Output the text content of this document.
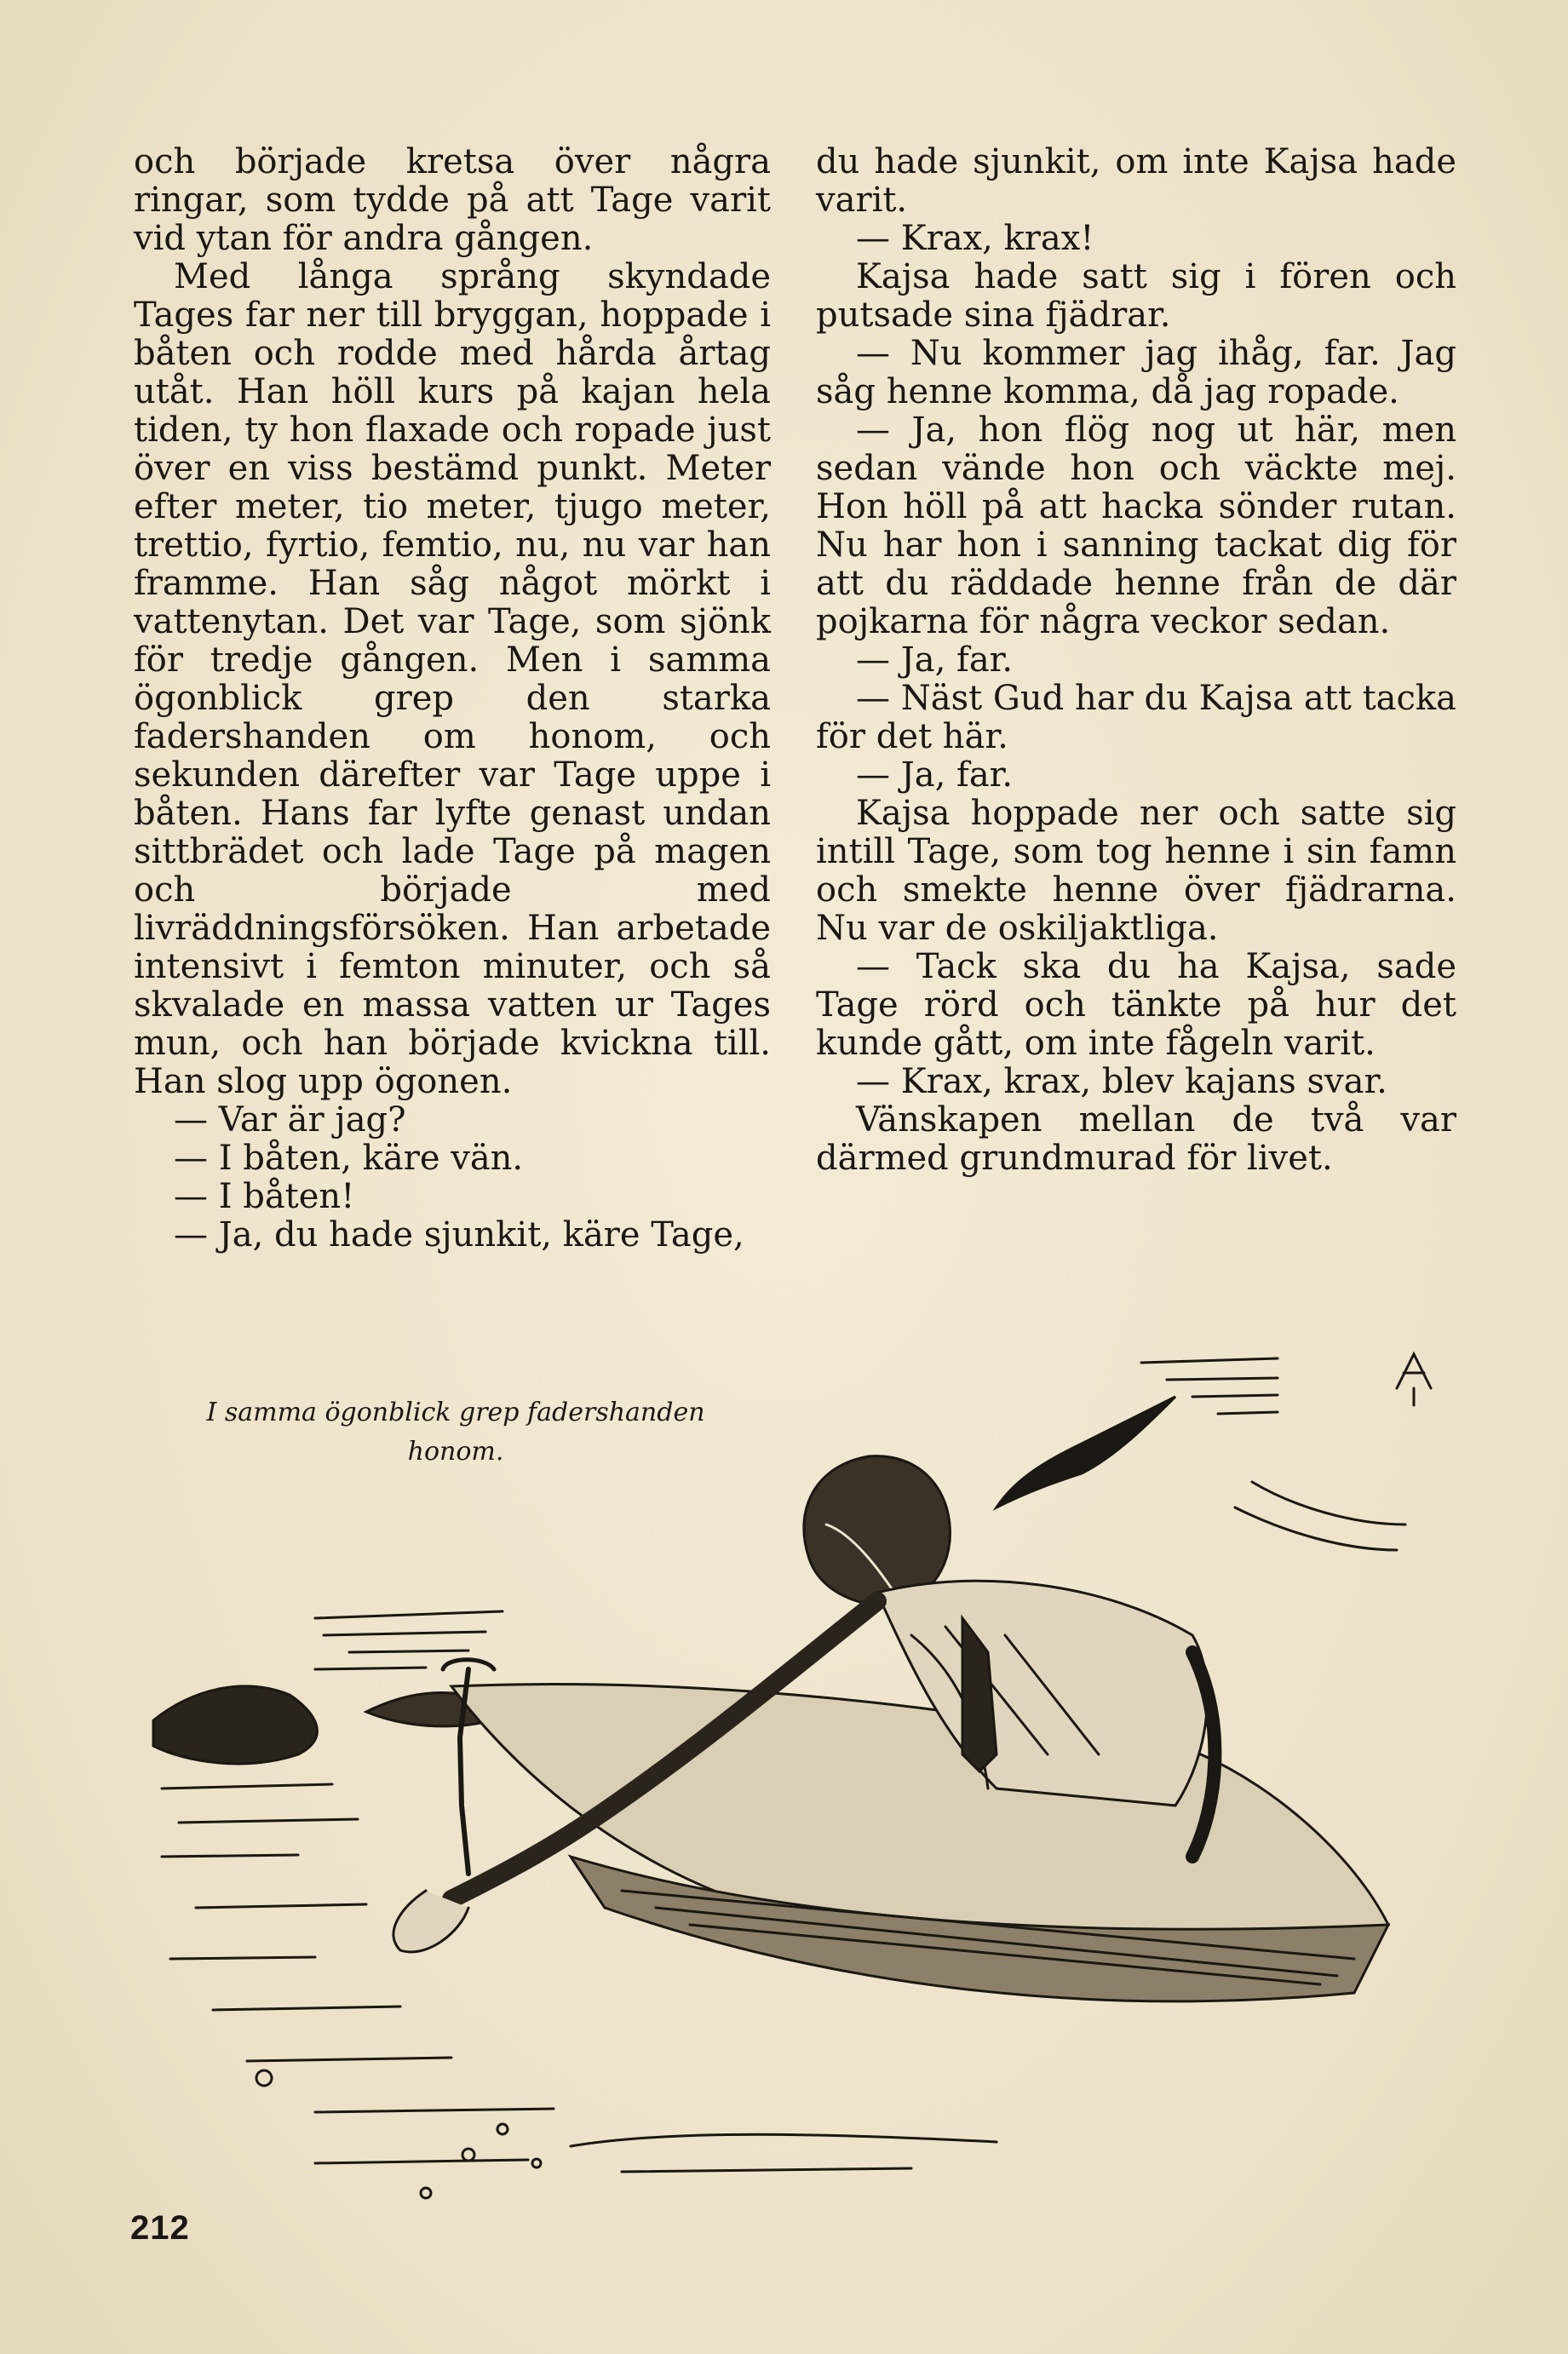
och började kretsa över några ringar, som tydde på att Tage varit vid ytan för andra gången.

Med långa språng skyndade Tages far ner till bryggan, hoppade i båten och rodde med hårda årtag utåt. Han höll kurs på kajan hela tiden, ty hon flaxade och ropade just över en viss bestämd punkt. Meter efter meter, tio meter, tjugo meter, trettio, fyrtio, femtio, nu, nu var han framme. Han såg något mörkt i vattenytan. Det var Tage, som sjönk för tredje gången. Men i samma ögonblick grep den starka fadershanden om honom, och sekunden därefter var Tage uppe i båten. Hans far lyfte genast undan sittbrädet och lade Tage på magen och började med livräddningsförsöken. Han arbetade intensivt i femton minuter, och så skvalade en massa vatten ur Tages mun, och han började kvickna till. Han slog upp ögonen.

— Var är jag?

— I båten, käre vän.

— I båten!

— Ja, du hade sjunkit, käre Tage,

du hade sjunkit, om inte Kajsa hade varit.

— Krax, krax!

Kajsa hade satt sig i fören och putsade sina fjädrar.

— Nu kommer jag ihåg, far. Jag såg henne komma, då jag ropade.

— Ja, hon flög nog ut här, men sedan vände hon och väckte mej. Hon höll på att hacka sönder rutan. Nu har hon i sanning tackat dig för att du räddade henne från de där pojkarna för några veckor sedan.

— Ja, far.

— Näst Gud har du Kajsa att tacka för det här.

— Ja, far.

Kajsa hoppade ner och satte sig intill Tage, som tog henne i sin famn och smekte henne över fjädrarna. Nu var de oskiljaktliga.

— Tack ska du ha Kajsa, sade Tage rörd och tänkte på hur det kunde gått, om inte fågeln varit.

— Krax, krax, blev kajans svar.

Vänskapen mellan de två var därmed grundmurad för livet.

I samma ögonblick grep fadershanden honom.
212
